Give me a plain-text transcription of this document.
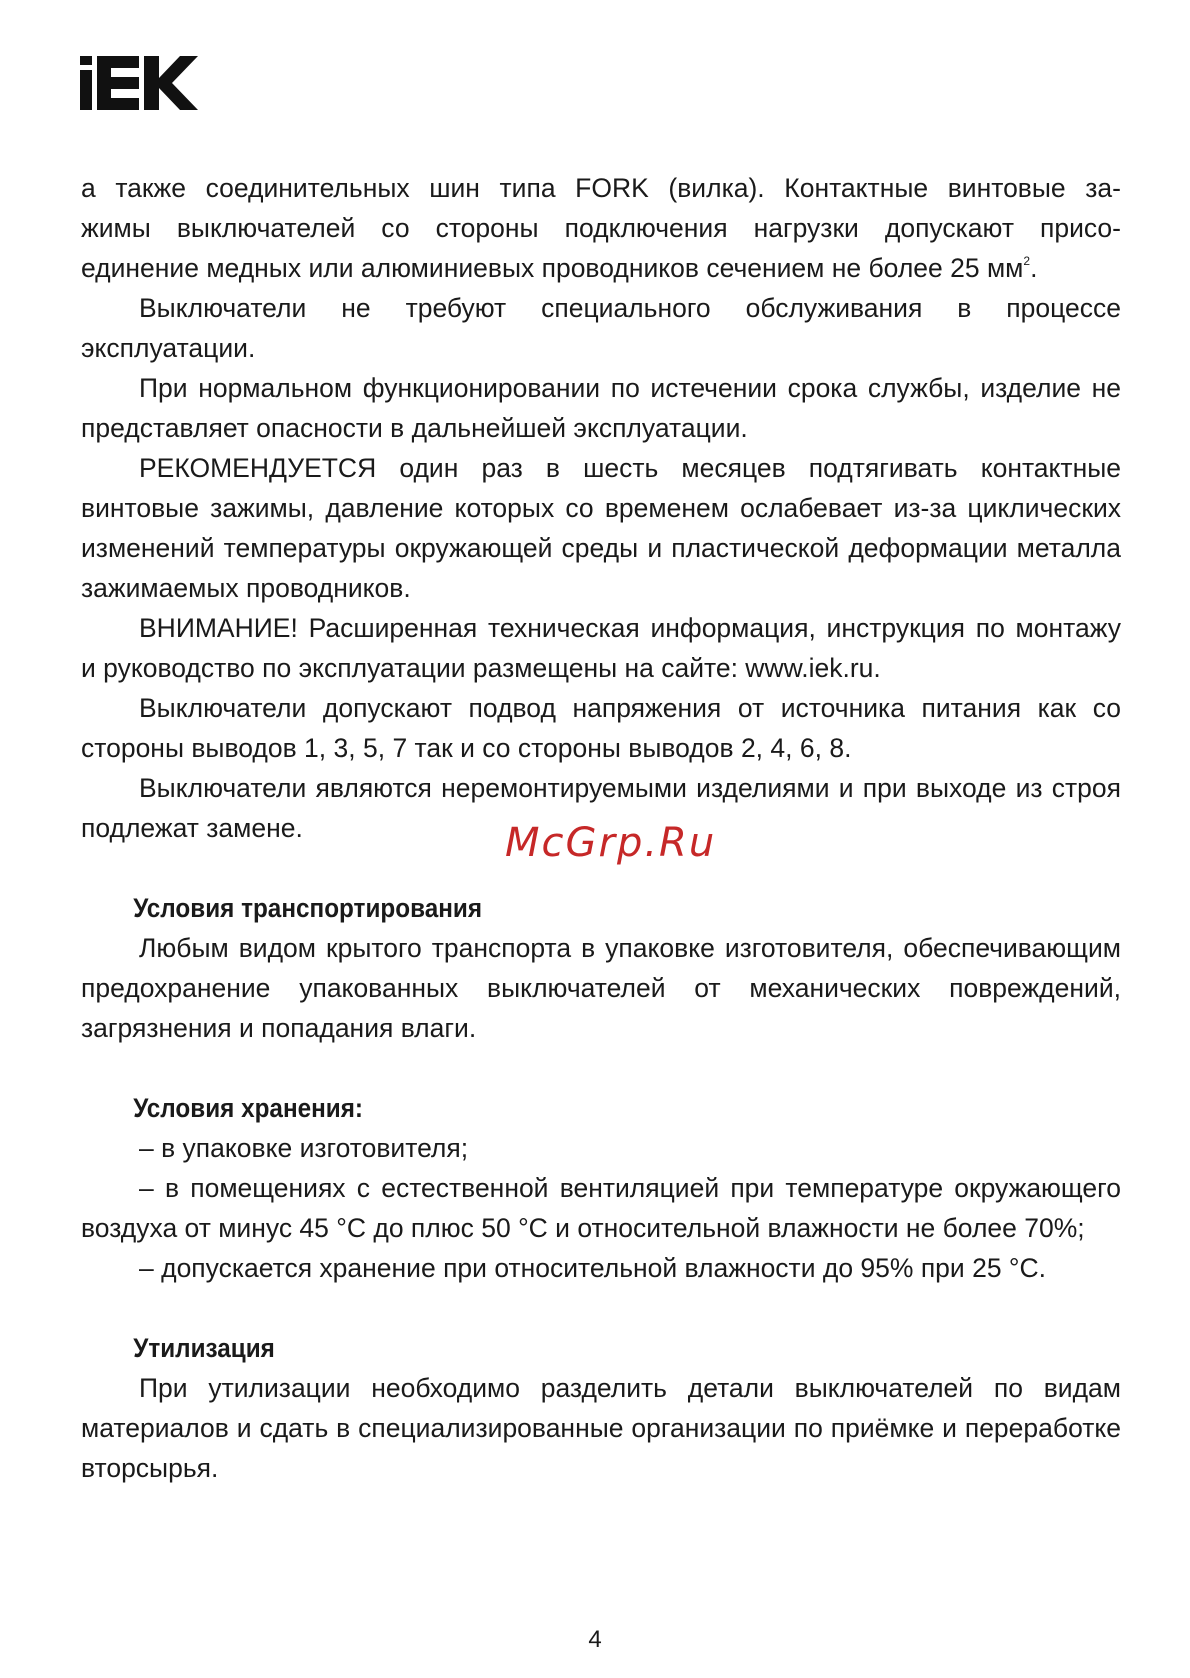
а также соединительных шин типа FORK (вилка). Контактные винтовые за-
жимы выключателей со стороны подключения нагрузки допускают присо-
единение медных или алюминиевых проводников сечением не более 25 $мм^2$.

Выключатели не требуют специального обслуживания в процессе эксплуатации.

При нормальном функционировании по истечении срока службы, изделие не представляет опасности в дальнейшей эксплуатации.

РЕКОМЕНДУЕТСЯ один раз в шесть месяцев подтягивать контактные винтовые зажимы, давление которых со временем ослабевает из-за циклических изменений температуры окружающей среды и пластической деформации металла зажимаемых проводников.

ВНИМАНИЕ! Расширенная техническая информация, инструкция по монтажу и руководство по эксплуатации размещены на сайте: www.iek.ru.

Выключатели допускают подвод напряжения от источника питания как со стороны выводов 1, 3, 5, 7 так и со стороны выводов 2, 4, 6, 8.

Выключатели являются неремонтируемыми изделиями и при выходе из строя подлежат замене.

Условия транспортирования

Любым видом крытого транспорта в упаковке изготовителя, обеспечивающим предохранение упакованных выключателей от механических повреждений, загрязнения и попадания влаги.

Условия хранения:

– в упаковке изготовителя;

– в помещениях с естественной вентиляцией при температуре окружающего воздуха от минус 45 °С до плюс 50 °С и относительной влажности не более 70%;

– допускается хранение при относительной влажности до 95% при 25 °С.

Утилизация

При утилизации необходимо разделить детали выключателей по видам материалов и сдать в специализированные организации по приёмке и переработке вторсырья.

McGrp.Ru
4
